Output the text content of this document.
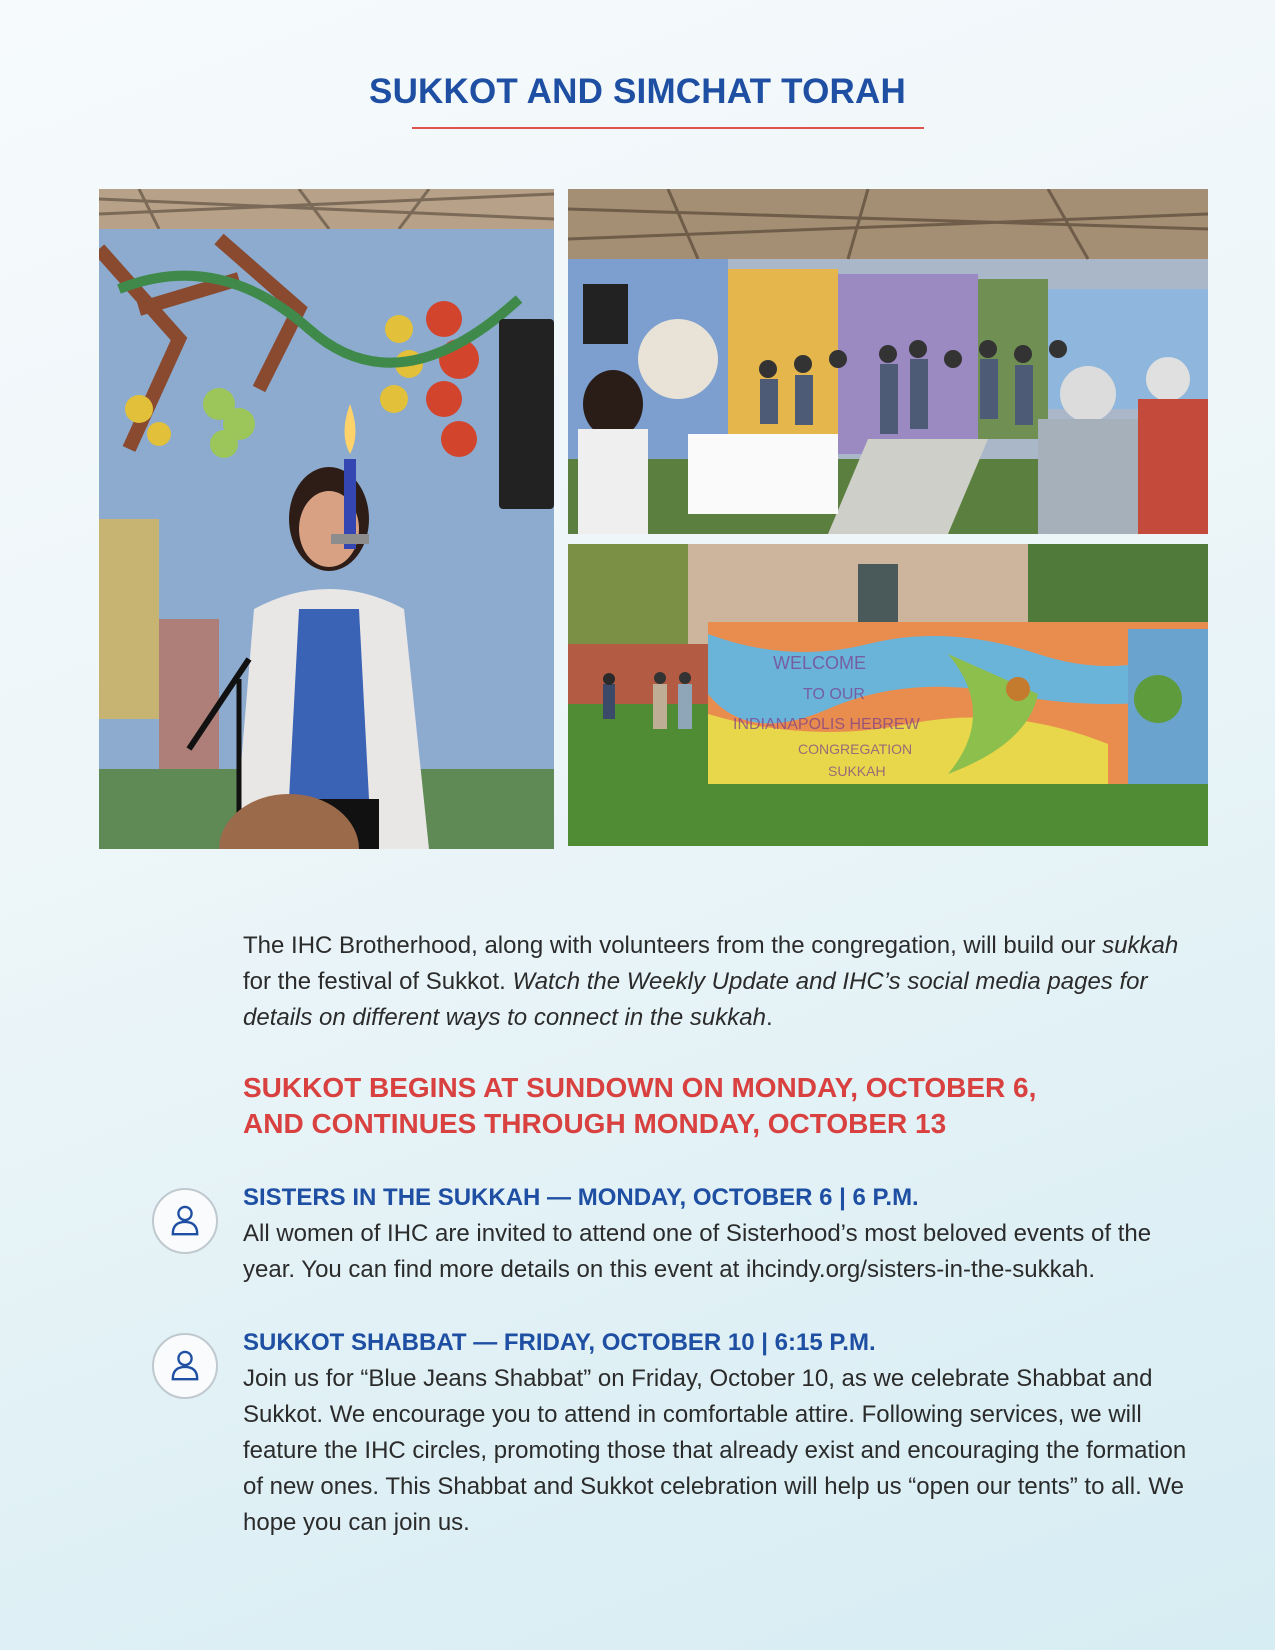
SUKKOT AND SIMCHAT TORAH
WELCOME
TO OUR
INDIANAPOLIS HEBREW
CONGREGATION
SUKKAH
The IHC Brotherhood, along with volunteers from the congregation, will build our sukkah for the festival of Sukkot. Watch the Weekly Update and IHC’s social media pages for details on different ways to connect in the sukkah.
SUKKOT BEGINS AT SUNDOWN ON MONDAY, OCTOBER 6,
AND CONTINUES THROUGH MONDAY, OCTOBER 13
SISTERS IN THE SUKKAH — MONDAY, OCTOBER 6 | 6 P.M.
All women of IHC are invited to attend one of Sisterhood’s most beloved events of the year. You can find more details on this event at ihcindy.org/sisters-in-the-sukkah.
SUKKOT SHABBAT — FRIDAY, OCTOBER 10 | 6:15 P.M.
Join us for “Blue Jeans Shabbat” on Friday, October 10, as we celebrate Shabbat and Sukkot. We encourage you to attend in comfortable attire. Following services, we will feature the IHC circles, promoting those that already exist and encouraging the formation of new ones. This Shabbat and Sukkot celebration will help us “open our tents” to all. We hope you can join us.
